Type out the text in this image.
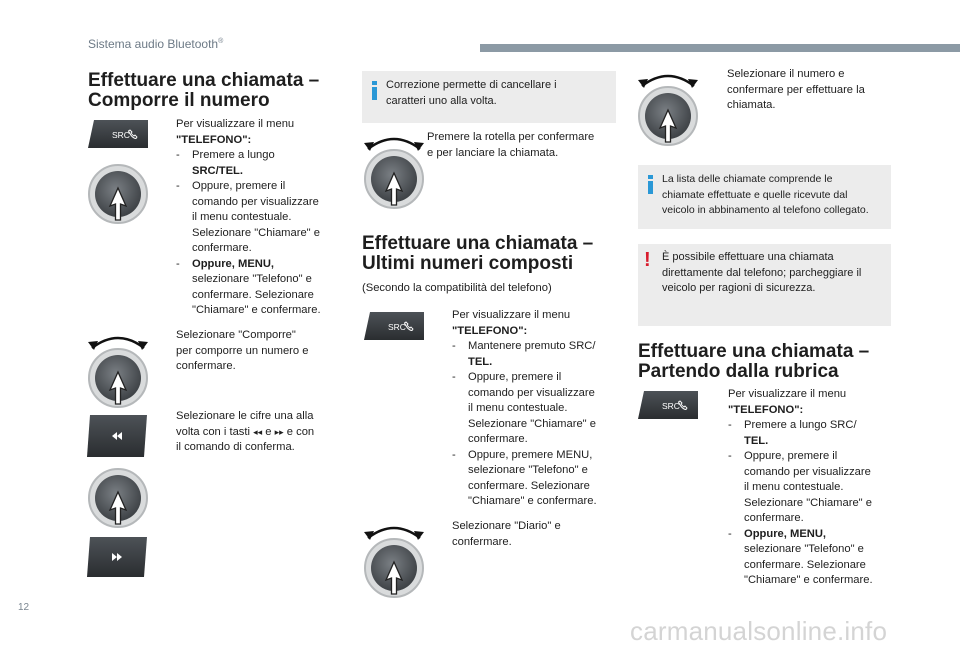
Sistema audio Bluetooth®
Effettuare una chiamata –
Comporre il numero
SRC
Per visualizzare il menu
"TELEFONO":
-	Premere a lungo
SRC/TEL.
-	Oppure, premere il
comando per visualizzare
il menu contestuale.
Selezionare "Chiamare" e
confermare.
-	Oppure, MENU,
selezionare "Telefono" e
confermare. Selezionare
"Chiamare" e confermare.
Selezionare "Comporre"
per comporre un numero e
confermare.
Selezionare le cifre una alla
volta con i tasti ◂◂ e ▸▸ e con
il comando di conferma.
Correzione permette di cancellare i
caratteri uno alla volta.
Premere la rotella per confermare
e per lanciare la chiamata.
Effettuare una chiamata –
Ultimi numeri composti
(Secondo la compatibilità del telefono)
SRC
Per visualizzare il menu
"TELEFONO":
-	Mantenere premuto SRC/
TEL.
-	Oppure, premere il
comando per visualizzare
il menu contestuale.
Selezionare "Chiamare" e
confermare.
-	Oppure, premere MENU,
selezionare "Telefono" e
confermare. Selezionare
"Chiamare" e confermare.
Selezionare "Diario" e
confermare.
Selezionare il numero e
confermare per effettuare la
chiamata.
La lista delle chiamate comprende le
chiamate effettuate e quelle ricevute dal
veicolo in abbinamento al telefono collegato.
!	È possibile effettuare una chiamata
direttamente dal telefono; parcheggiare il
veicolo per ragioni di sicurezza.
Effettuare una chiamata –
Partendo dalla rubrica
SRC
Per visualizzare il menu
"TELEFONO":
-	Premere a lungo SRC/
TEL.
-	Oppure, premere il
comando per visualizzare
il menu contestuale.
Selezionare "Chiamare" e
confermare.
-	Oppure, MENU,
selezionare "Telefono" e
confermare. Selezionare
"Chiamare" e confermare.
12
carmanualsonline.info
